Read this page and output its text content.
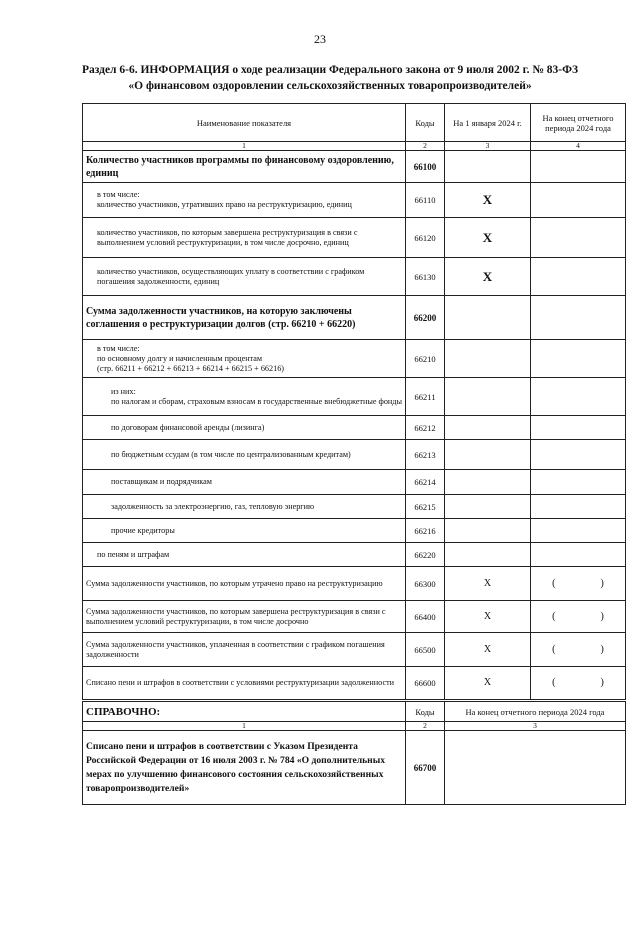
23
Раздел 6-6. ИНФОРМАЦИЯ о ходе реализации Федерального закона от 9 июля 2002 г. № 83-ФЗ
«О финансовом оздоровлении сельскохозяйственных товаропроизводителей»
Наименование показателя	Коды	На 1 января 2024 г.	На конец отчетного периода 2024 года
1	2	3	4
Количество участников программы по финансовому оздоровлению, единиц	66100		

в том числе:
количество участников, утративших право на реструктуризацию, единиц	66110	X	
количество участников, по которым завершена реструктуризация в связи с выполнением условий реструктуризации, в том числе досрочно, единиц	66120	X	
количество участников, осуществляющих уплату в соответствии с графиком погашения задолженности, единиц	66130	X	
Сумма задолженности участников, на которую заключены соглашения о реструктуризации долгов (стр. 66210 + 66220)	66200		

в том числе:
по основному долгу и начисленным процентам
(стр. 66211 + 66212 + 66213 + 66214 + 66215 + 66216)	66210		

из них:
по налогам и сборам, страховым взносам в государственные внебюджетные фонды	66211		
по договорам финансовой аренды (лизинга)	66212		
по бюджетным ссудам (в том числе по централизованным кредитам)	66213		
поставщикам и подрядчикам	66214		
задолженность за электроэнергию, газ, тепловую энергию	66215		
прочие кредиторы	66216		
по пеням и штрафам	66220		
Сумма задолженности участников, по которым утрачено право на реструктуризацию	66300	X	(          )
Сумма задолженности участников, по которым завершена реструктуризация в связи с выполнением условий реструктуризации, в том числе досрочно	66400	X	(          )
Сумма задолженности участников, уплаченная в соответствии с графиком погашения задолженности	66500	X	(          )
Списано пени и штрафов в соответствии с условиями реструктуризации задолженности	66600	X	(          )
СПРАВОЧНО:	Коды	На конец отчетного периода 2024 года
1	2	3
Списано пени и штрафов в соответствии с Указом Президента Российской Федерации от 16 июля 2003 г. № 784 «О дополнительных мерах по улучшению финансового состояния сельскохозяйственных товаропроизводителей»	66700	
